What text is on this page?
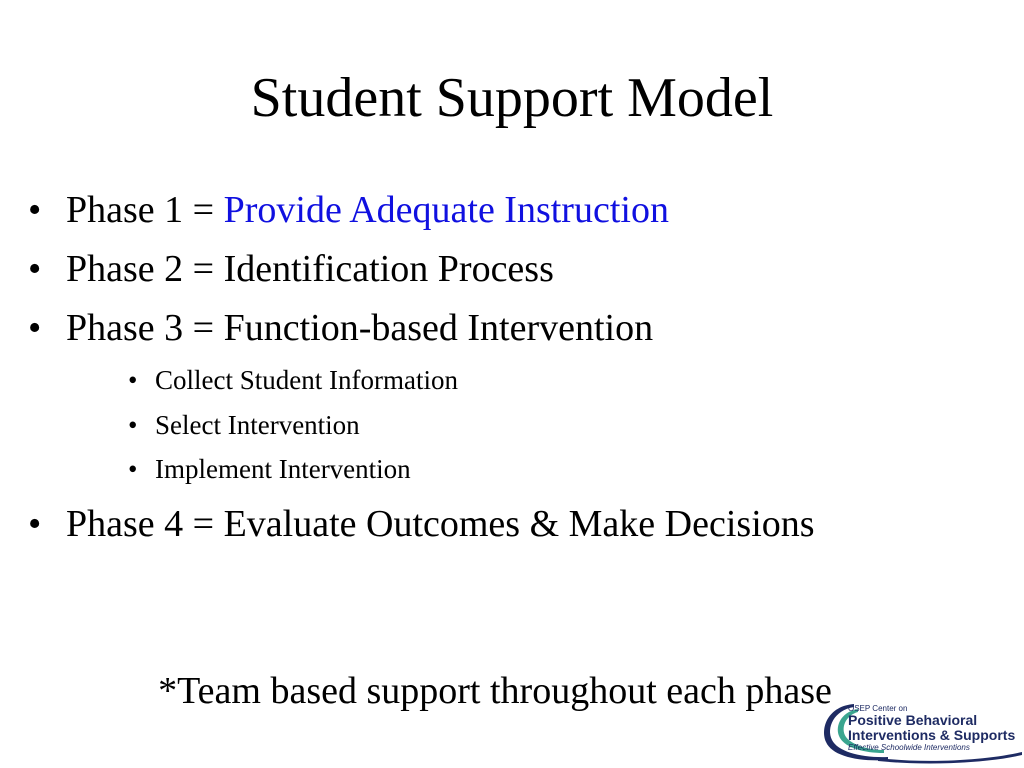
Student Support Model
• Phase 1 = Provide Adequate Instruction
• Phase 2 = Identification Process
• Phase 3 = Function-based Intervention
• Collect Student Information
• Select Intervention
• Implement Intervention
• Phase 4 = Evaluate Outcomes & Make Decisions
*Team based support throughout each phase	OSEP Center on
Positive Behavioral
Interventions & Supports
Effective Schoolwide Interventions
